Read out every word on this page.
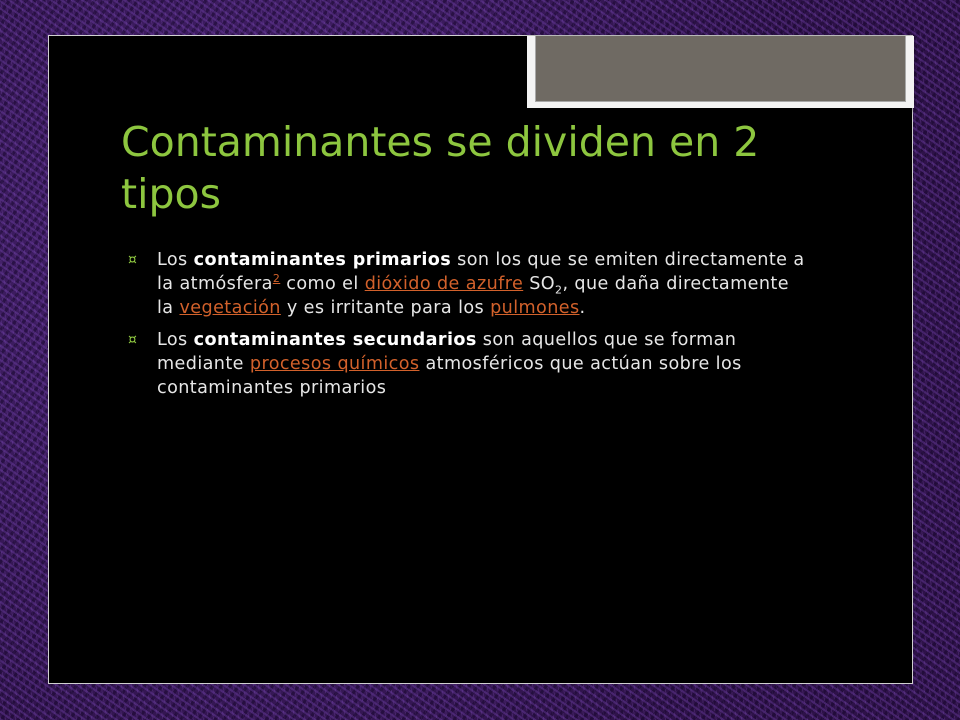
Contaminantes se dividen en 2 tipos
¤ Los contaminantes primarios son los que se emiten directamente a la atmósfera$^2$ como el dióxido de azufre $SO_2$, que daña directamente la vegetación y es irritante para los pulmones.
¤ Los contaminantes secundarios son aquellos que se forman mediante procesos químicos atmosféricos que actúan sobre los contaminantes primarios
